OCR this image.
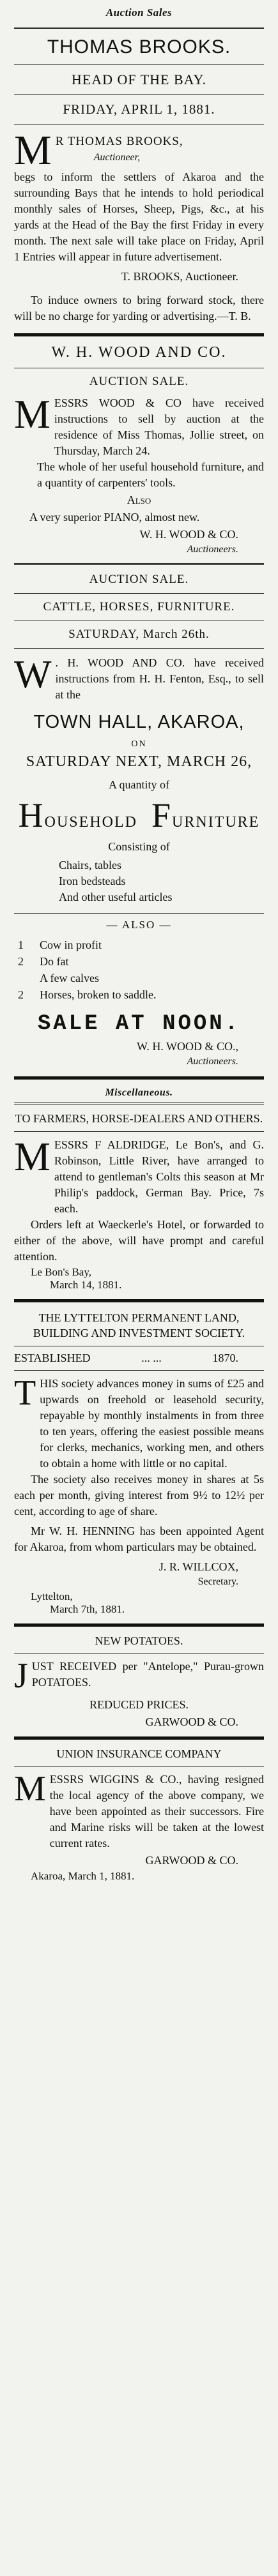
Auction Sales
THOMAS BROOKS.
HEAD OF THE BAY.
FRIDAY, APRIL 1, 1881.
M R THOMAS BROOKS,
Auctioneer,

begs to inform the settlers of Akaroa and the surrounding Bays that he intends to hold periodical monthly sales of Horses, Sheep, Pigs, &c., at his yards at the Head of the Bay the first Friday in every month. The next sale will take place on Friday, April 1 Entries will appear in future advertisement.

T. BROOKS, Auctioneer.

To induce owners to bring forward stock, there will be no charge for yarding or advertising.—T. B.

W. H. WOOD AND CO.
AUCTION SALE.
M ESSRS WOOD & CO have received instructions to sell by auction at the residence of Miss Thomas, Jollie street, on Thursday, March 24.

The whole of her useful household furniture, and a quantity of carpenters' tools.

Also

A very superior PIANO, almost new.

W. H. WOOD & CO.
Auctioneers.
AUCTION SALE.
CATTLE, HORSES, FURNITURE.
SATURDAY, March 26th.
W . H. WOOD AND CO. have received instructions from H. H. Fenton, Esq., to sell at the

TOWN HALL, AKAROA,
ON
SATURDAY NEXT, MARCH 26,
A quantity of
HOUSEHOLD FURNITURE
Consisting of
Chairs, tables
Iron bedsteads
And other useful articles
— ALSO —
1	Cow in profit
2	Do fat
A few calves
2	Horses, broken to saddle.
SALE AT NOON.
W. H. WOOD & CO.,
Auctioneers.
Miscellaneous.
TO FARMERS, HORSE-DEALERS AND OTHERS.
M ESSRS F ALDRIDGE, Le Bon's, and G. Robinson, Little River, have arranged to attend to gentleman's Colts this season at Mr Philip's paddock, German Bay. Price, 7s each.

Orders left at Waeckerle's Hotel, or forwarded to either of the above, will have prompt and careful attention.

Le Bon's Bay,
March 14, 1881.
THE LYTTELTON PERMANENT LAND, BUILDING AND INVESTMENT SOCIETY.
ESTABLISHED	... ...	1870.
T HIS society advances money in sums of £25 and upwards on freehold or leasehold security, repayable by monthly instalments in from three to ten years, offering the easiest possible means for clerks, mechanics, working men, and others to obtain a home with little or no capital.

The society also receives money in shares at 5s each per month, giving interest from 9½ to 12½ per cent, according to age of share.

Mr W. H. HENNING has been appointed Agent for Akaroa, from whom particulars may be obtained.

J. R. WILLCOX,
Secretary.
Lyttelton,
March 7th, 1881.
NEW POTATOES.
J UST RECEIVED per "Antelope," Purau-grown POTATOES.

REDUCED PRICES.
GARWOOD & CO.
UNION INSURANCE COMPANY
M ESSRS WIGGINS & CO., having resigned the local agency of the above company, we have been appointed as their successors. Fire and Marine risks will be taken at the lowest current rates.

GARWOOD & CO.
Akaroa, March 1, 1881.
